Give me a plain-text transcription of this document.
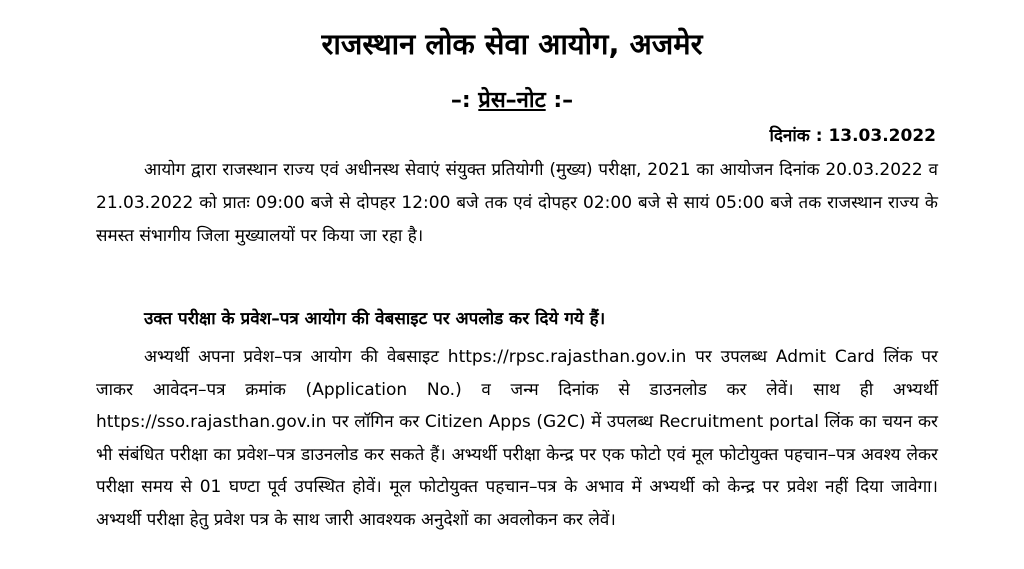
राजस्थान लोक सेवा आयोग, अजमेर
–: प्रेस–नोट :–
दिनांक : 13.03.2022

आयोग द्वारा राजस्थान राज्य एवं अधीनस्थ सेवाएं संयुक्त प्रतियोगी (मुख्य) परीक्षा, 2021 का आयोजन दिनांक 20.03.2022 व 21.03.2022 को प्रातः 09:00 बजे से दोपहर 12:00 बजे तक एवं दोपहर 02:00 बजे से सायं 05:00 बजे तक राजस्थान राज्य के समस्त संभागीय जिला मुख्यालयों पर किया जा रहा है।

उक्त परीक्षा के प्रवेश–पत्र आयोग की वेबसाइट पर अपलोड कर दिये गये हैं।

अभ्यर्थी अपना प्रवेश–पत्र आयोग की वेबसाइट https://rpsc.rajasthan.gov.in पर उपलब्ध Admit Card लिंक पर जाकर आवेदन–पत्र क्रमांक (Application No.) व जन्म दिनांक से डाउनलोड कर लेवें। साथ ही अभ्यर्थी https://sso.rajasthan.gov.in पर लॉगिन कर Citizen Apps (G2C) में उपलब्ध Recruitment portal लिंक का चयन कर भी संबंधित परीक्षा का प्रवेश–पत्र डाउनलोड कर सकते हैं। अभ्यर्थी परीक्षा केन्द्र पर एक फोटो एवं मूल फोटोयुक्त पहचान–पत्र अवश्य लेकर परीक्षा समय से 01 घण्टा पूर्व उपस्थित होवें। मूल फोटोयुक्त पहचान–पत्र के अभाव में अभ्यर्थी को केन्द्र पर प्रवेश नहीं दिया जावेगा। अभ्यर्थी परीक्षा हेतु प्रवेश पत्र के साथ जारी आवश्यक अनुदेशों का अवलोकन कर लेवें।
